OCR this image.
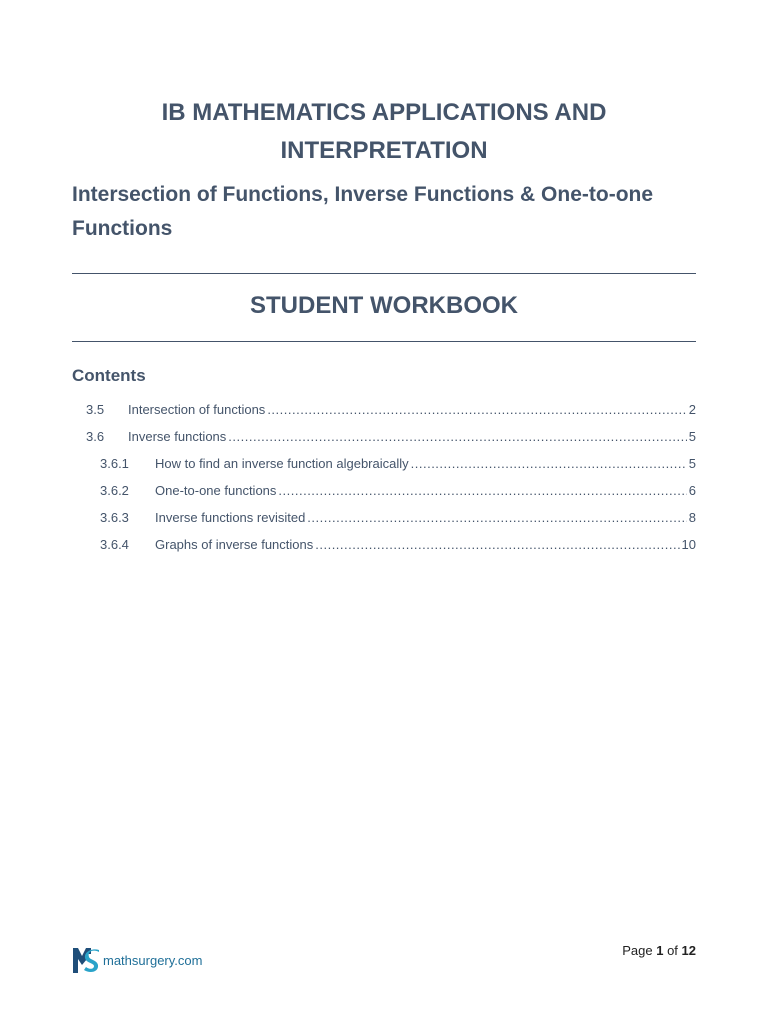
IB MATHEMATICS APPLICATIONS AND
INTERPRETATION
Intersection of Functions, Inverse Functions & One-to-one Functions
STUDENT WORKBOOK
Contents
3.5	Intersection of functions .....	2
3.6	Inverse functions .....	5
3.6.1	How to find an inverse function algebraically .....	5
3.6.2	One-to-one functions .....	6
3.6.3	Inverse functions revisited .....	8
3.6.4	Graphs of inverse functions .....	10
mathsurgery.com
Page 1 of 12
